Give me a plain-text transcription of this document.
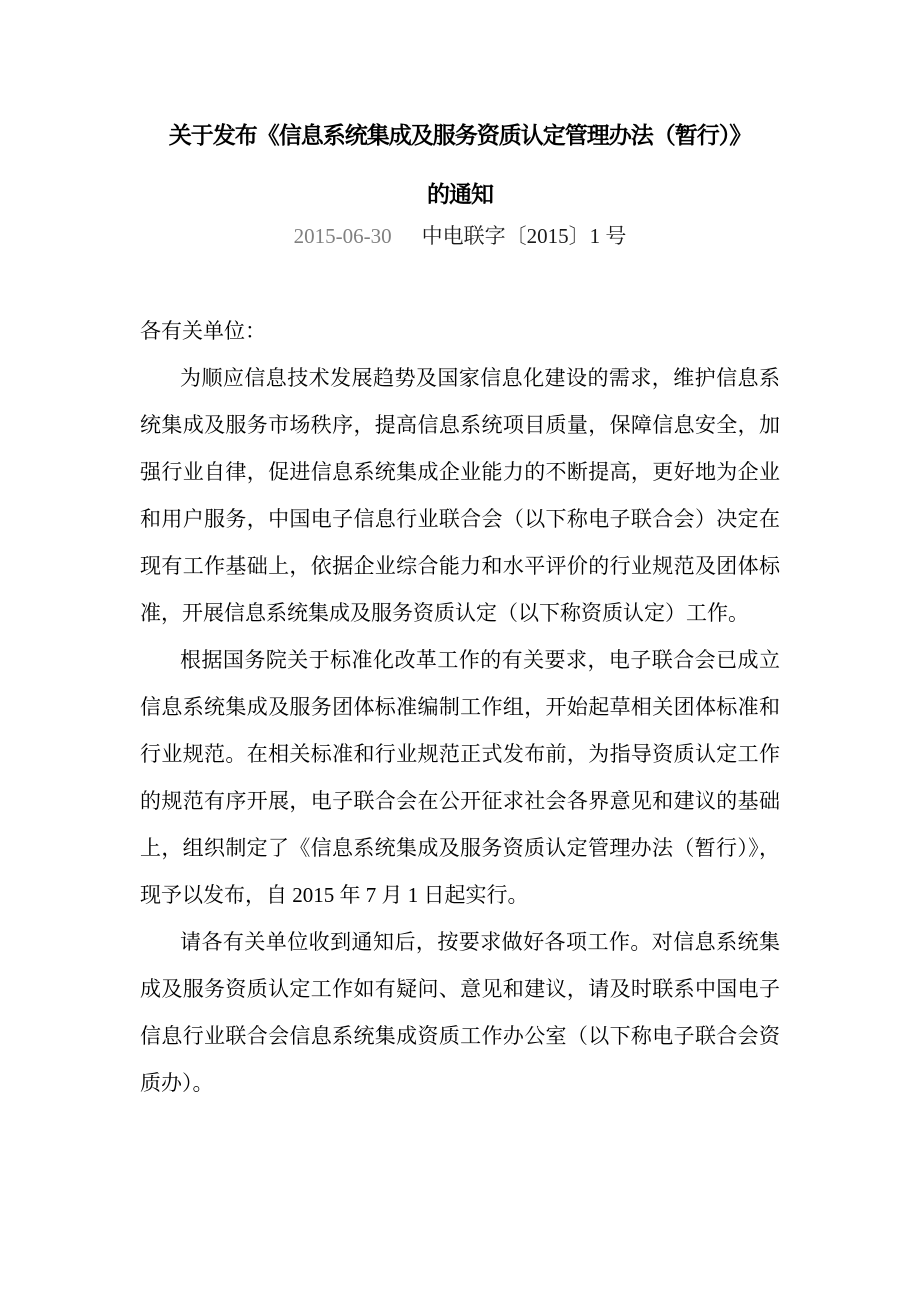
关于发布《信息系统集成及服务资质认定管理办法（暂行）》
的通知
2015-06-30 中电联字〔2015〕1 号

各有关单位：

为顺应信息技术发展趋势及国家信息化建设的需求，维护信息系统集成及服务市场秩序，提高信息系统项目质量，保障信息安全，加强行业自律，促进信息系统集成企业能力的不断提高，更好地为企业和用户服务，中国电子信息行业联合会（以下称电子联合会）决定在现有工作基础上，依据企业综合能力和水平评价的行业规范及团体标准，开展信息系统集成及服务资质认定（以下称资质认定）工作。

根据国务院关于标准化改革工作的有关要求，电子联合会已成立信息系统集成及服务团体标准编制工作组，开始起草相关团体标准和行业规范。在相关标准和行业规范正式发布前，为指导资质认定工作的规范有序开展，电子联合会在公开征求社会各界意见和建议的基础上，组织制定了《信息系统集成及服务资质认定管理办法（暂行）》，现予以发布，自 2015 年 7 月 1 日起实行。

请各有关单位收到通知后，按要求做好各项工作。对信息系统集成及服务资质认定工作如有疑问、意见和建议，请及时联系中国电子信息行业联合会信息系统集成资质工作办公室（以下称电子联合会资质办）。
